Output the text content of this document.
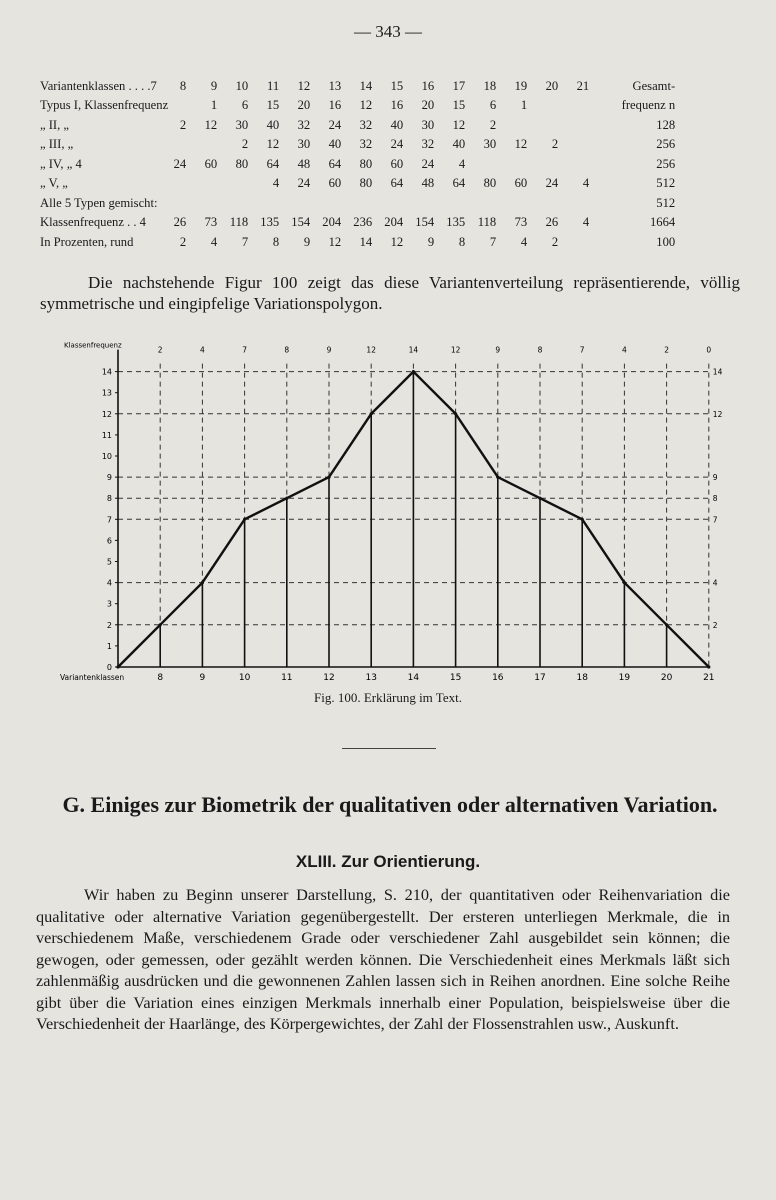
— 343 —
Variantenklassen . . . .7	8	9	10	11	12	13	14	15	16	17	18	19	20	21	Gesamt-
Typus I, Klassenfrequenz		1	6	15	20	16	12	16	20	15	6	1			frequenz n
„ II, „	2	12	30	40	32	24	32	40	30	12	2				128
„ III, „			2	12	30	40	32	24	32	40	30	12	2		256
„ IV, „ 4	24	60	80	64	48	64	80	60	24	4					256
„ V, „				4	24	60	80	64	48	64	80	60	24	4	512
Alle 5 Typen gemischt:															512
Klassenfrequenz . . 4	26	73	118	135	154	204	236	204	154	135	118	73	26	4	1664
In Prozenten, rund	2	4	7	8	9	12	14	12	9	8	7	4	2		100
Die nachstehende Figur 100 zeigt das diese Variantenverteilung repräsentierende, völlig symmetrische und eingipfelige Variationspolygon.
0
1
2
3
4
5
6
7
8
9
10
11
12
13
14
8	9	10	11	12	13	14	15	16	17	18	19	20	21
Variantenklassen
Klassenfrequenz	2	4	7	8	9	12	14	12	9	8	7	4	2	0
14
12
9
8
7
4
2
Fig. 100. Erklärung im Text.
G. Einiges zur Biometrik der qualitativen oder alternativen Variation.
XLIII. Zur Orientierung.
Wir haben zu Beginn unserer Darstellung, S. 210, der quantitativen oder Reihenvariation die qualitative oder alternative Variation gegenübergestellt. Der ersteren unterliegen Merkmale, die in verschiedenem Maße, verschiedenem Grade oder verschiedener Zahl ausgebildet sein können; die gewogen, oder gemessen, oder gezählt werden können. Die Verschiedenheit eines Merkmals läßt sich zahlenmäßig ausdrücken und die gewonnenen Zahlen lassen sich in Reihen anordnen. Eine solche Reihe gibt über die Variation eines einzigen Merkmals innerhalb einer Population, beispielsweise über die Verschiedenheit der Haarlänge, des Körpergewichtes, der Zahl der Flossenstrahlen usw., Auskunft.
